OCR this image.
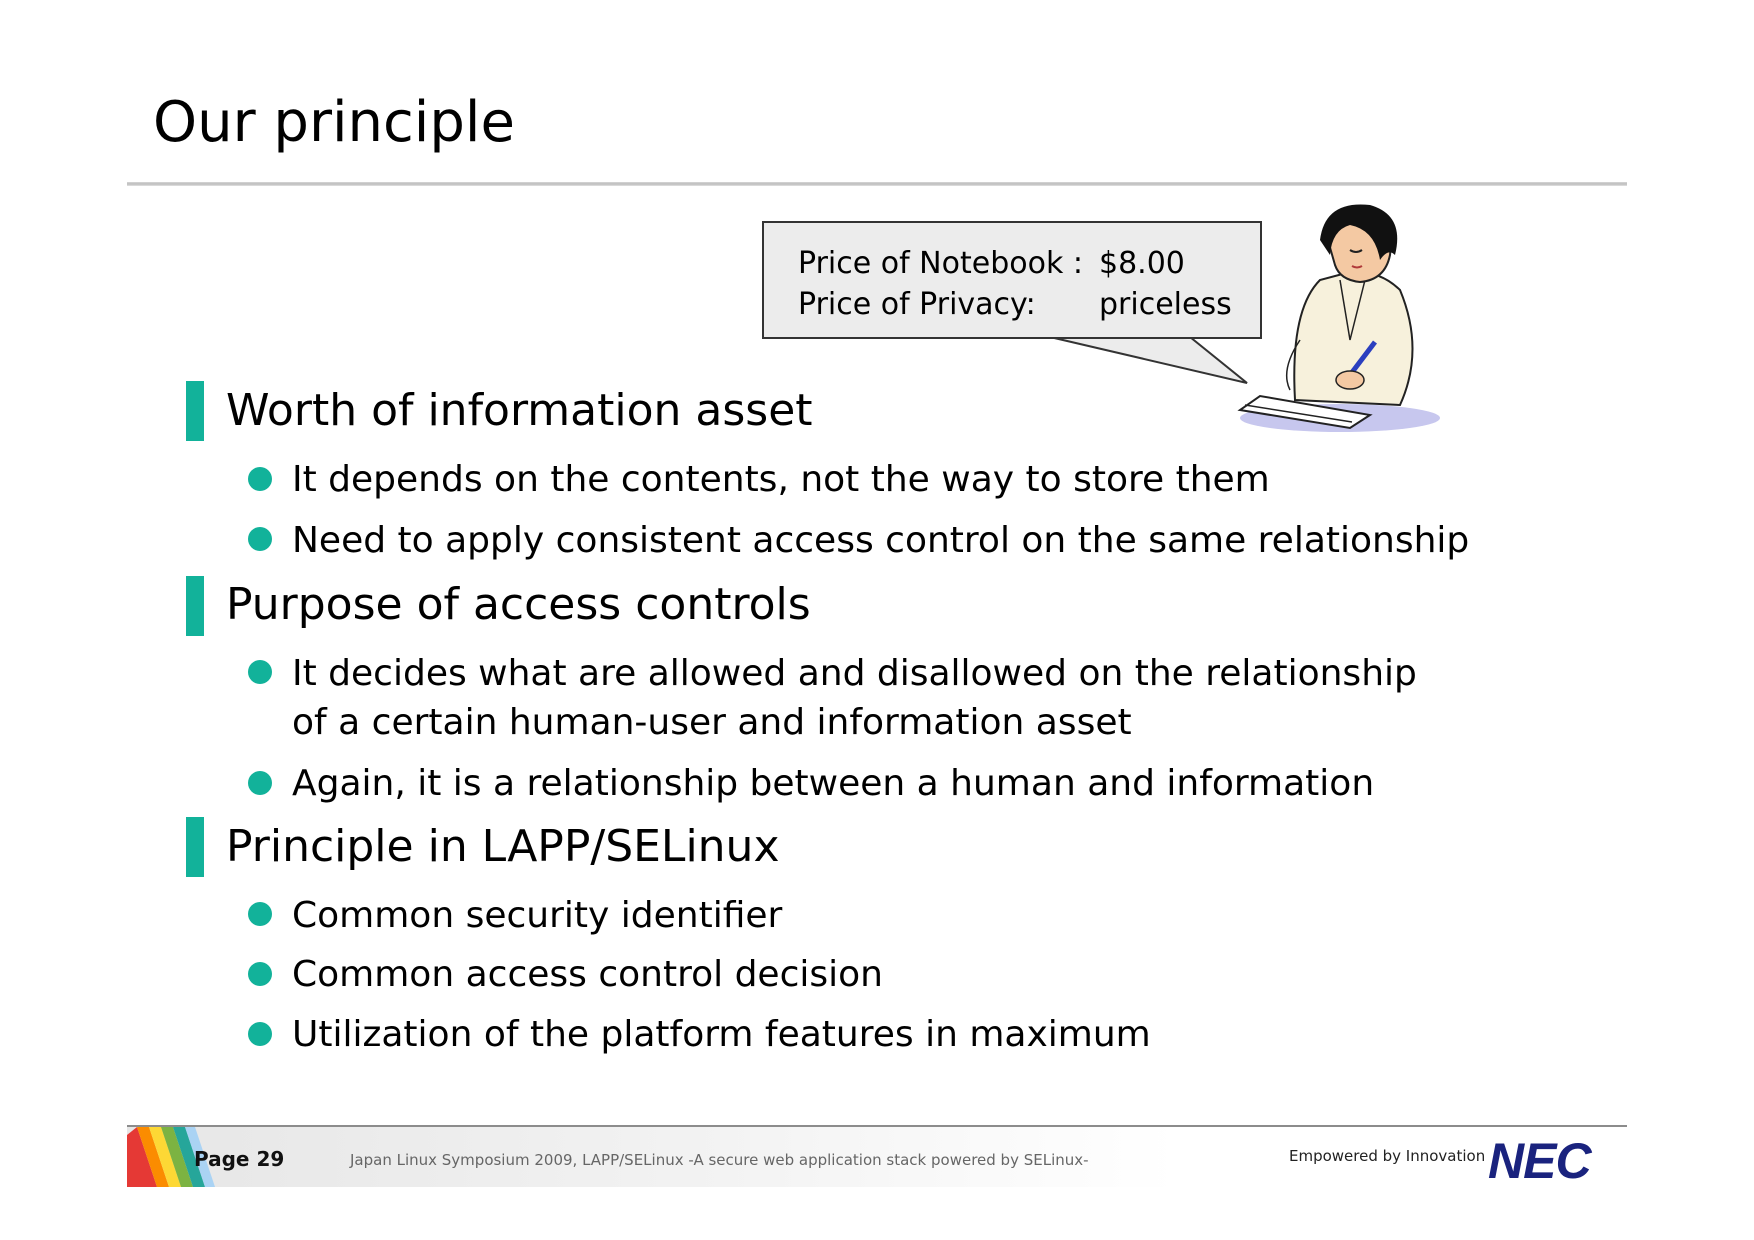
Our principle
Price of Notebook : $8.00
Price of Privacy:	priceless
Worth of information asset
It depends on the contents, not the way to store them
Need to apply consistent access control on the same relationship
Purpose of access controls
It decides what are allowed and disallowed on the relationship
of a certain human-user and information asset
Again, it is a relationship between a human and information
Principle in LAPP/SELinux
Common security identifier
Common access control decision
Utilization of the platform features in maximum
Page 29	Japan Linux Symposium 2009, LAPP/SELinux -A secure web application stack powered by SELinux-	Empowered by Innovation NEC
